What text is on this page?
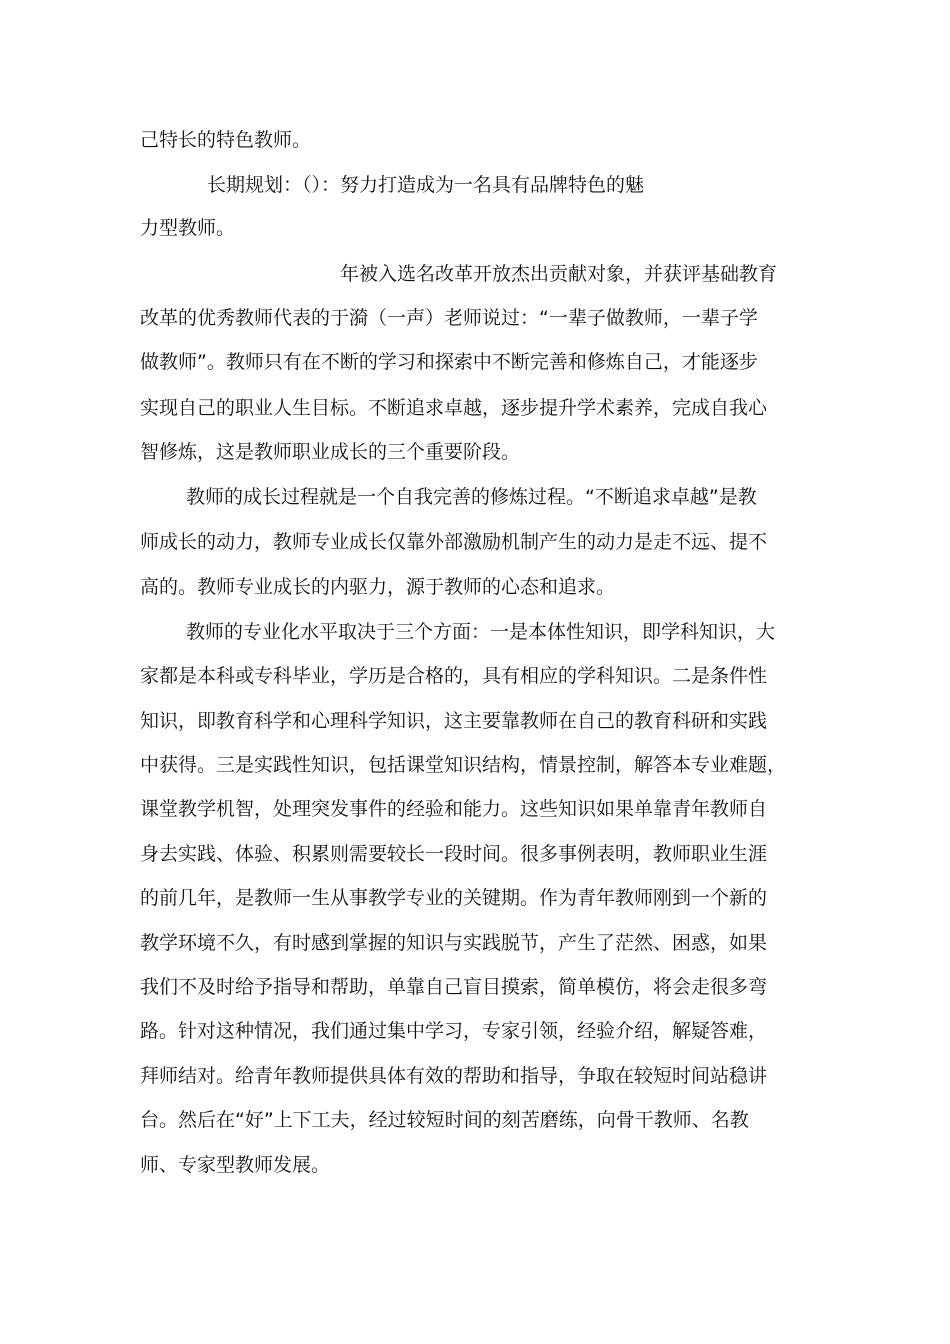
己特长的特色教师。

长期规划：（）：努力打造成为一名具有品牌特色的魅

力型教师。

年被入选名改革开放杰出贡献对象，并获评基础教育

改革的优秀教师代表的于漪（一声）老师说过：“一辈子做教师，一辈子学

做教师”。教师只有在不断的学习和探索中不断完善和修炼自己，才能逐步

实现自己的职业人生目标。不断追求卓越，逐步提升学术素养，完成自我心

智修炼，这是教师职业成长的三个重要阶段。

教师的成长过程就是一个自我完善的修炼过程。“不断追求卓越”是教

师成长的动力，教师专业成长仅靠外部激励机制产生的动力是走不远、提不

高的。教师专业成长的内驱力，源于教师的心态和追求。

教师的专业化水平取决于三个方面：一是本体性知识，即学科知识，大

家都是本科或专科毕业，学历是合格的，具有相应的学科知识。二是条件性

知识，即教育科学和心理科学知识，这主要靠教师在自己的教育科研和实践

中获得。三是实践性知识，包括课堂知识结构，情景控制，解答本专业难题，

课堂教学机智，处理突发事件的经验和能力。这些知识如果单靠青年教师自

身去实践、体验、积累则需要较长一段时间。很多事例表明，教师职业生涯

的前几年，是教师一生从事教学专业的关键期。作为青年教师刚到一个新的

教学环境不久，有时感到掌握的知识与实践脱节，产生了茫然、困惑，如果

我们不及时给予指导和帮助，单靠自己盲目摸索，简单模仿，将会走很多弯

路。针对这种情况，我们通过集中学习，专家引领，经验介绍，解疑答难，

拜师结对。给青年教师提供具体有效的帮助和指导，争取在较短时间站稳讲

台。然后在“好”上下工夫，经过较短时间的刻苦磨练，向骨干教师、名教

师、专家型教师发展。
